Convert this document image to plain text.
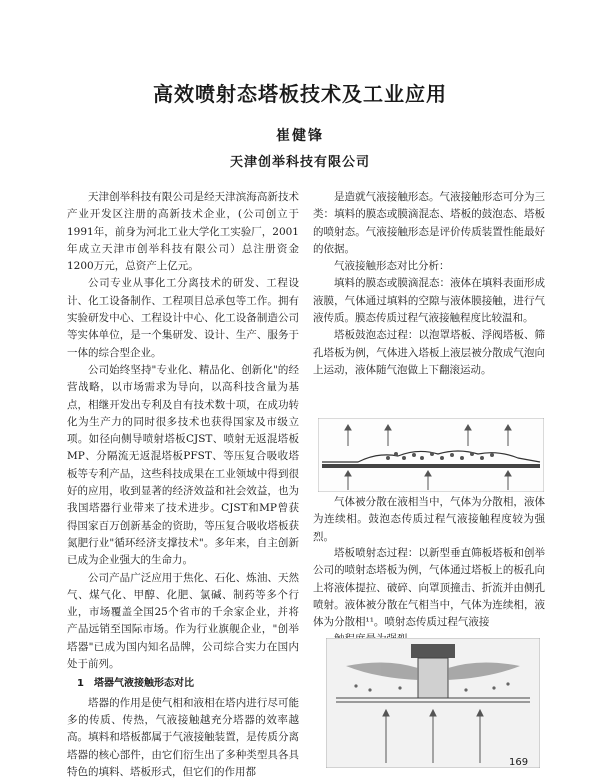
高效喷射态塔板技术及工业应用
崔健锋
天津创举科技有限公司

天津创举科技有限公司是经天津滨海高新技术产业开发区注册的高新技术企业，(公司创立于1991年，前身为河北工业大学化工实验厂，2001年成立天津市创举科技有限公司）总注册资金1200万元，总资产上亿元。

公司专业从事化工分离技术的研发、工程设计、化工设备制作、工程项目总承包等工作。拥有实验研发中心、工程设计中心、化工设备制造公司等实体单位，是一个集研发、设计、生产、服务于一体的综合型企业。

公司始终坚持"专业化、精品化、创新化"的经营战略，以市场需求为导向，以高科技含量为基点，相继开发出专利及自有技术数十项，在成功转化为生产力的同时很多技术也获得国家及市级立项。如径向侧导喷射塔板CJST、喷射无返混塔板MP、分隔流无返混塔板PFST、等压复合吸收塔板等专利产品，这些科技成果在工业领域中得到很好的应用，收到显著的经济效益和社会效益，也为我国塔器行业带来了技术进步。CJST和MP曾获得国家百万创新基金的资助，等压复合吸收塔板获氮肥行业"循环经济支撑技术"。多年来，自主创新已成为企业强大的生命力。

公司产品广泛应用于焦化、石化、炼油、天然气、煤气化、甲醇、化肥、氯碱、制药等多个行业，市场覆盖全国25个省市的千余家企业，并将产品远销至国际市场。作为行业旗舰企业，"创举塔器"已成为国内知名品牌，公司综合实力在国内处于前列。

1　塔器气液接触形态对比

塔器的作用是使气相和液相在塔内进行尽可能多的传质、传热，气液接触越充分塔器的效率越高。填料和塔板都属于气液接触装置，是传质分离塔器的核心部件，由它们衍生出了多种类型具各具特色的填料、塔板形式，但它们的作用都

是造就气液接触形态。气液接触形态可分为三类：填料的膜态或膜滴混态、塔板的鼓泡态、塔板的喷射态。气液接触形态是评价传质装置性能最好的依据。

气液接触形态对比分析：

填料的膜态或膜滴混态：液体在填料表面形成液膜，气体通过填料的空隙与液体膜接触，进行气液传质。膜态传质过程气液接触程度比较温和。

塔板鼓泡态过程：以泡罩塔板、浮阀塔板、筛孔塔板为例，气体进入塔板上液层被分散成气泡向上运动，液体随气泡做上下翻滚运动。

气体被分散在液相当中，气体为分散相，液体为连续相。鼓泡态传质过程气液接触程度较为强烈。

塔板喷射态过程：以新型垂直筛板塔板和创举公司的喷射态塔板为例，气体通过塔板上的板孔向上将液体提拉、破碎、向罩顶撞击、折流并由侧孔喷射。液体被分散在气相当中，气体为连续相，液体为分散相¹¹。喷射态传质过程气液接

169
